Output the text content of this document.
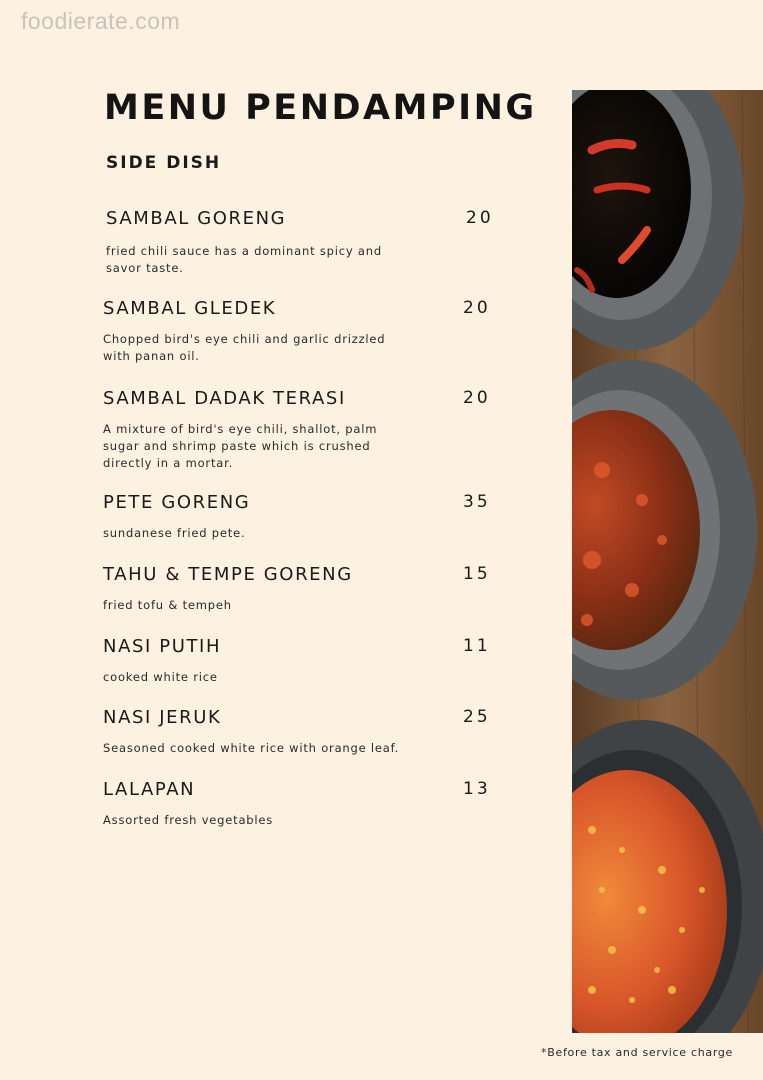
foodierate.com
MENU PENDAMPING
SIDE DISH
SAMBAL GORENG	20
fried chili sauce has a dominant spicy and
savor taste.
SAMBAL GLEDEK	20
Chopped bird's eye chili and garlic drizzled
with panan oil.
SAMBAL DADAK TERASI	20
A mixture of bird's eye chili, shallot, palm
sugar and shrimp paste which is crushed
directly in a mortar.
PETE GORENG	35
sundanese fried pete.
TAHU & TEMPE GORENG	15
fried tofu & tempeh
NASI PUTIH	11
cooked white rice
NASI JERUK	25
Seasoned cooked white rice with orange leaf.
LALAPAN	13
Assorted fresh vegetables
*Before tax and service charge
